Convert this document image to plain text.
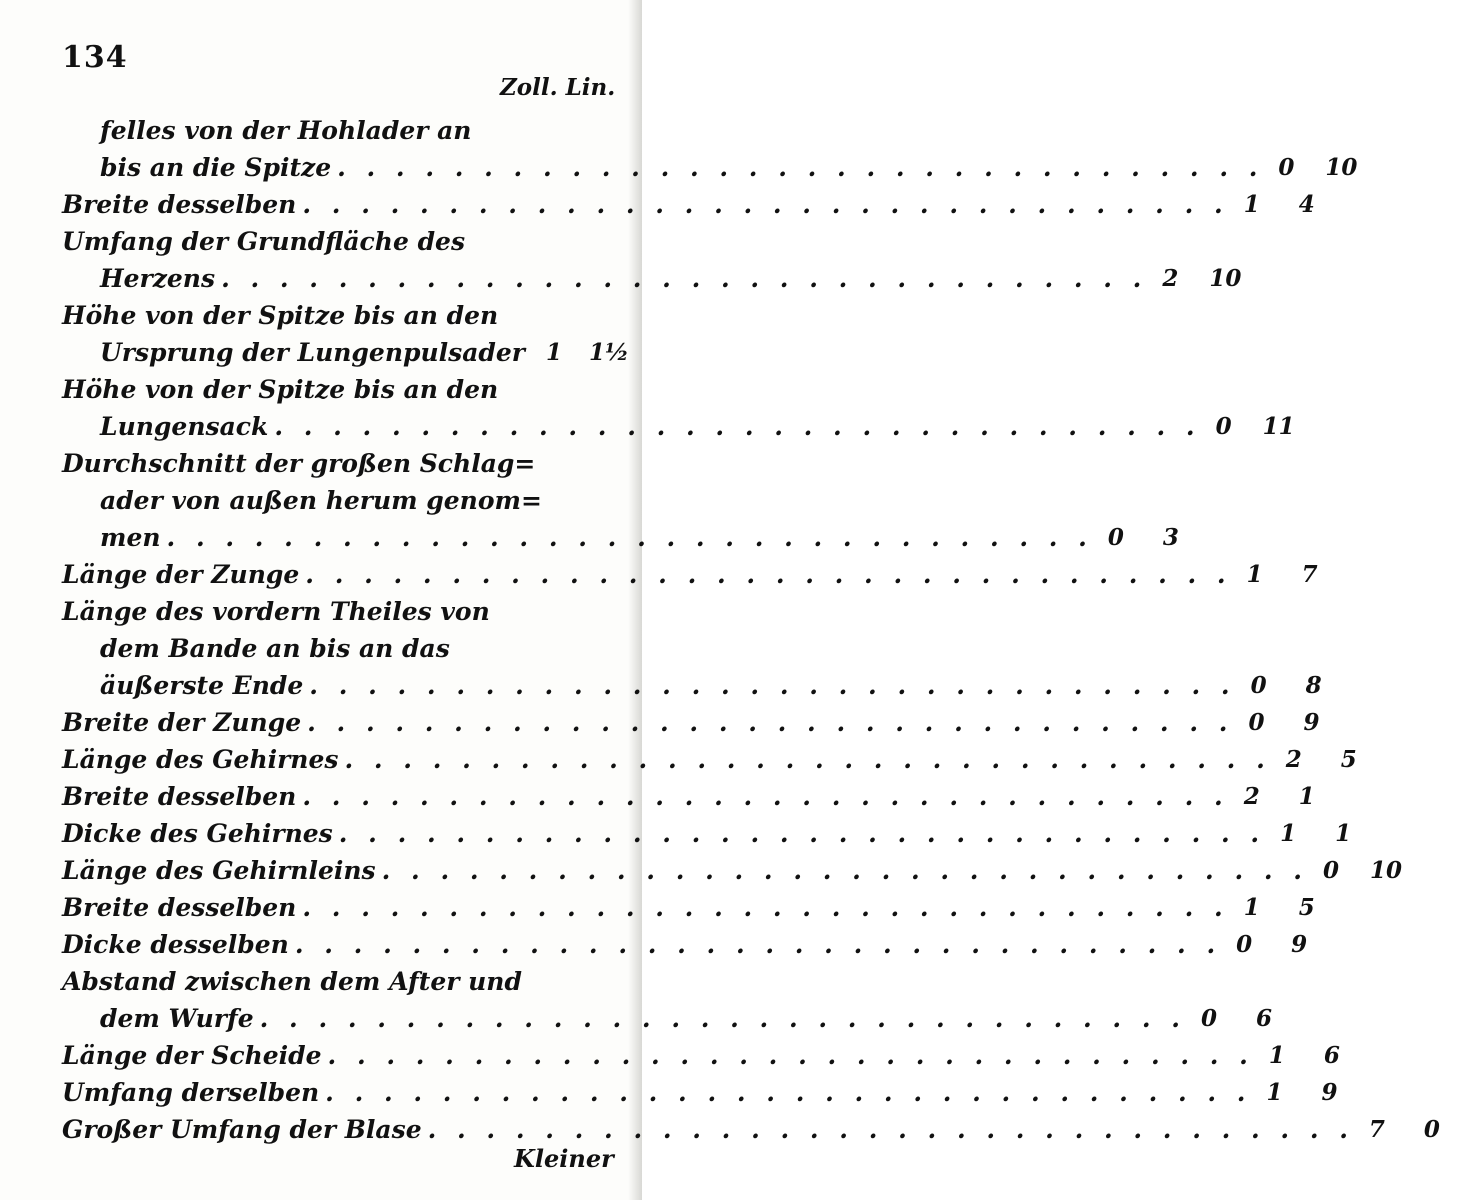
134
Zoll. Lin.
felles von der Hohlader an
bis an die Spitze . . . . . . . . . . . . . . . . . . . . . . . . . . . . . . . . 0	10
Breite desselben . . . . . . . . . . . . . . . . . . . . . . . . . . . . . . . . 1	4
Umfang der Grundfläche des
Herzens . . . . . . . . . . . . . . . . . . . . . . . . . . . . . . . . 2	10
Höhe von der Spitze bis an den
Ursprung der Lungenpulsader 1	1½
Höhe von der Spitze bis an den
Lungensack . . . . . . . . . . . . . . . . . . . . . . . . . . . . . . . . 0	11
Durchschnitt der großen Schlag=
ader von außen herum genom=
men . . . . . . . . . . . . . . . . . . . . . . . . . . . . . . . . 0	3
Länge der Zunge . . . . . . . . . . . . . . . . . . . . . . . . . . . . . . . . 1	7
Länge des vordern Theiles von
dem Bande an bis an das
äußerste Ende . . . . . . . . . . . . . . . . . . . . . . . . . . . . . . . . 0	8
Breite der Zunge . . . . . . . . . . . . . . . . . . . . . . . . . . . . . . . . 0	9
Länge des Gehirnes . . . . . . . . . . . . . . . . . . . . . . . . . . . . . . . . 2	5
Breite desselben . . . . . . . . . . . . . . . . . . . . . . . . . . . . . . . . 2	1
Dicke des Gehirnes . . . . . . . . . . . . . . . . . . . . . . . . . . . . . . . . 1	1
Länge des Gehirnleins . . . . . . . . . . . . . . . . . . . . . . . . . . . . . . . . 0	10
Breite desselben . . . . . . . . . . . . . . . . . . . . . . . . . . . . . . . . 1	5
Dicke desselben . . . . . . . . . . . . . . . . . . . . . . . . . . . . . . . . 0	9
Abstand zwischen dem After und
dem Wurfe . . . . . . . . . . . . . . . . . . . . . . . . . . . . . . . . 0	6
Länge der Scheide . . . . . . . . . . . . . . . . . . . . . . . . . . . . . . . . 1	6
Umfang derselben . . . . . . . . . . . . . . . . . . . . . . . . . . . . . . . . 1	9
Großer Umfang der Blase . . . . . . . . . . . . . . . . . . . . . . . . . . . . . . . . 7	0
Kleiner
